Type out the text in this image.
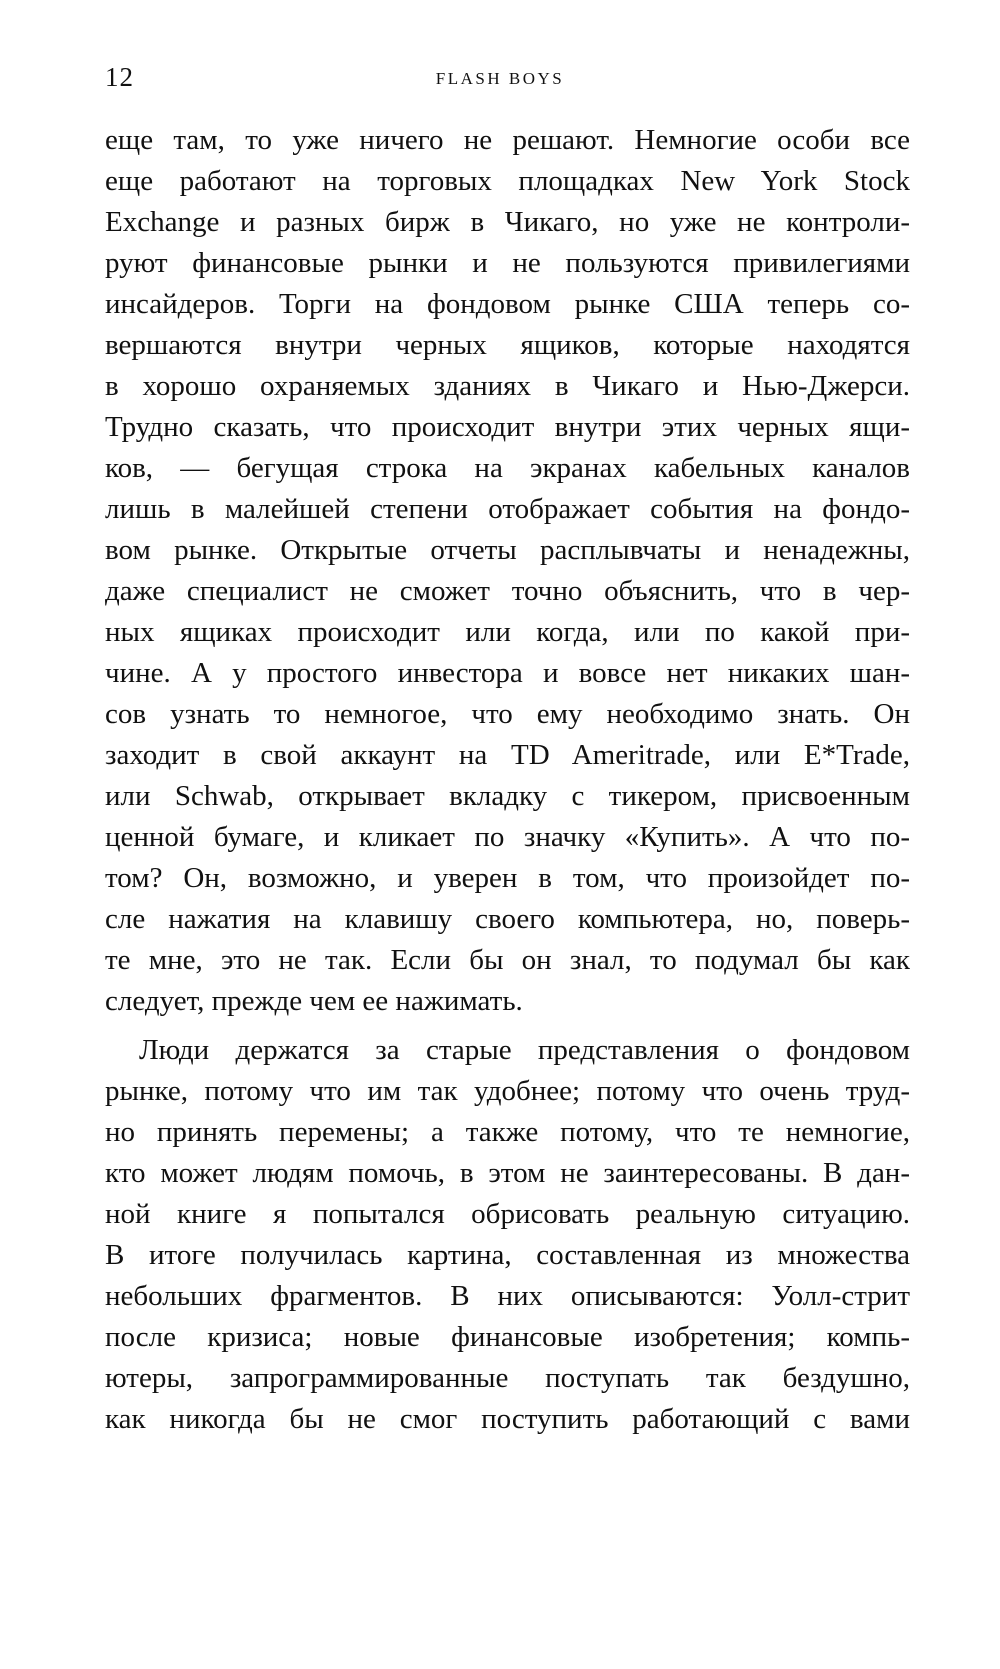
12	FLASH BOYS
еще там, то уже ничего не решают. Немногие особи все
еще работают на торговых площадках New York Stock
Exchange и разных бирж в Чикаго, но уже не контроли-
руют финансовые рынки и не пользуются привилегиями
инсайдеров. Торги на фондовом рынке США теперь со-
вершаются внутри черных ящиков, которые находятся
в хорошо охраняемых зданиях в Чикаго и Нью-Джерси.
Трудно сказать, что происходит внутри этих черных ящи-
ков, — бегущая строка на экранах кабельных каналов
лишь в малейшей степени отображает события на фондо-
вом рынке. Открытые отчеты расплывчаты и ненадежны,
даже специалист не сможет точно объяснить, что в чер-
ных ящиках происходит или когда, или по какой при-
чине. А у простого инвестора и вовсе нет никаких шан-
сов узнать то немногое, что ему необходимо знать. Он
заходит в свой аккаунт на TD Ameritrade, или E*Trade,
или Schwab, открывает вкладку с тикером, присвоенным
ценной бумаге, и кликает по значку «Купить». А что по-
том? Он, возможно, и уверен в том, что произойдет по-
сле нажатия на клавишу своего компьютера, но, поверь-
те мне, это не так. Если бы он знал, то подумал бы как
следует, прежде чем ее нажимать.
Люди держатся за старые представления о фондовом
рынке, потому что им так удобнее; потому что очень труд-
но принять перемены; а также потому, что те немногие,
кто может людям помочь, в этом не заинтересованы. В дан-
ной книге я попытался обрисовать реальную ситуацию.
В итоге получилась картина, составленная из множества
небольших фрагментов. В них описываются: Уолл-стрит
после кризиса; новые финансовые изобретения; компь-
ютеры, запрограммированные поступать так бездушно,
как никогда бы не смог поступить работающий с вами
